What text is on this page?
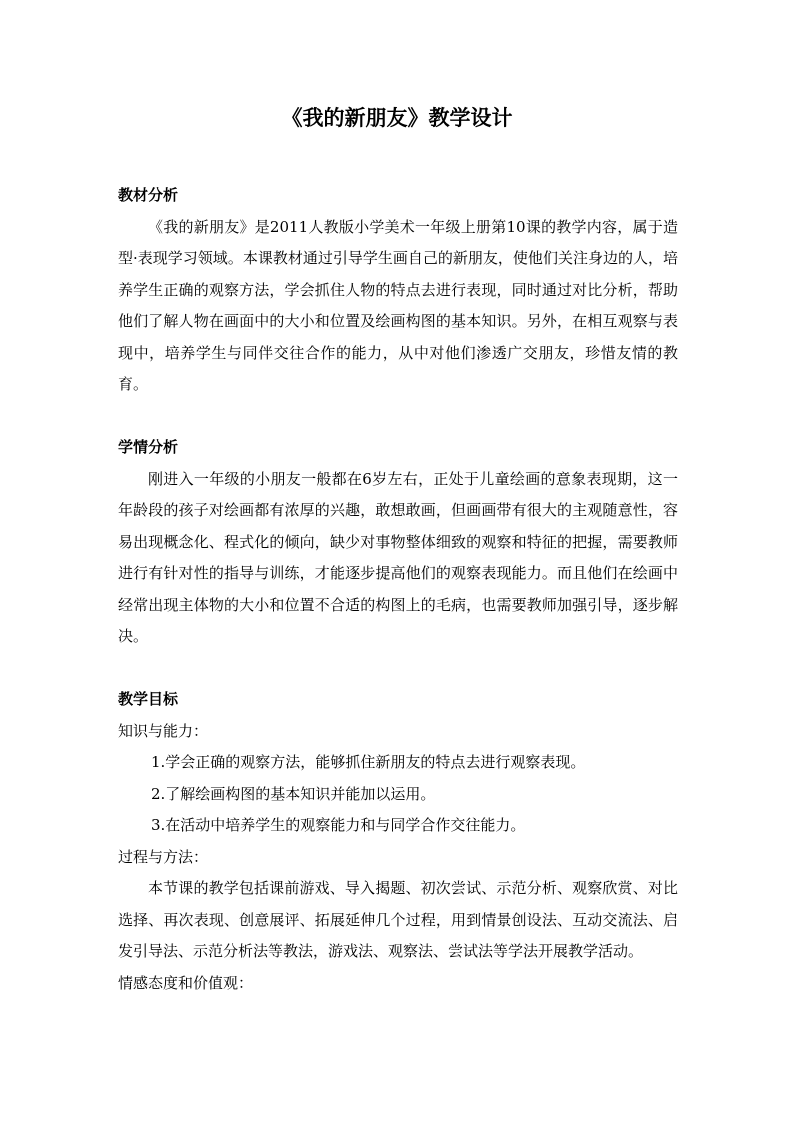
《我的新朋友》教学设计

教材分析

《我的新朋友》是2011人教版小学美术一年级上册第10课的教学内容，属于造型·表现学习领域。本课教材通过引导学生画自己的新朋友，使他们关注身边的人，培养学生正确的观察方法，学会抓住人物的特点去进行表现，同时通过对比分析，帮助他们了解人物在画面中的大小和位置及绘画构图的基本知识。另外，在相互观察与表现中，培养学生与同伴交往合作的能力，从中对他们渗透广交朋友，珍惜友情的教育。

学情分析

刚进入一年级的小朋友一般都在6岁左右，正处于儿童绘画的意象表现期，这一年龄段的孩子对绘画都有浓厚的兴趣，敢想敢画，但画画带有很大的主观随意性，容易出现概念化、程式化的倾向，缺少对事物整体细致的观察和特征的把握，需要教师进行有针对性的指导与训练，才能逐步提高他们的观察表现能力。而且他们在绘画中经常出现主体物的大小和位置不合适的构图上的毛病，也需要教师加强引导，逐步解决。

教学目标

知识与能力：

1.学会正确的观察方法，能够抓住新朋友的特点去进行观察表现。

2.了解绘画构图的基本知识并能加以运用。

3.在活动中培养学生的观察能力和与同学合作交往能力。

过程与方法：

本节课的教学包括课前游戏、导入揭题、初次尝试、示范分析、观察欣赏、对比选择、再次表现、创意展评、拓展延伸几个过程，用到情景创设法、互动交流法、启发引导法、示范分析法等教法，游戏法、观察法、尝试法等学法开展教学活动。

情感态度和价值观：
